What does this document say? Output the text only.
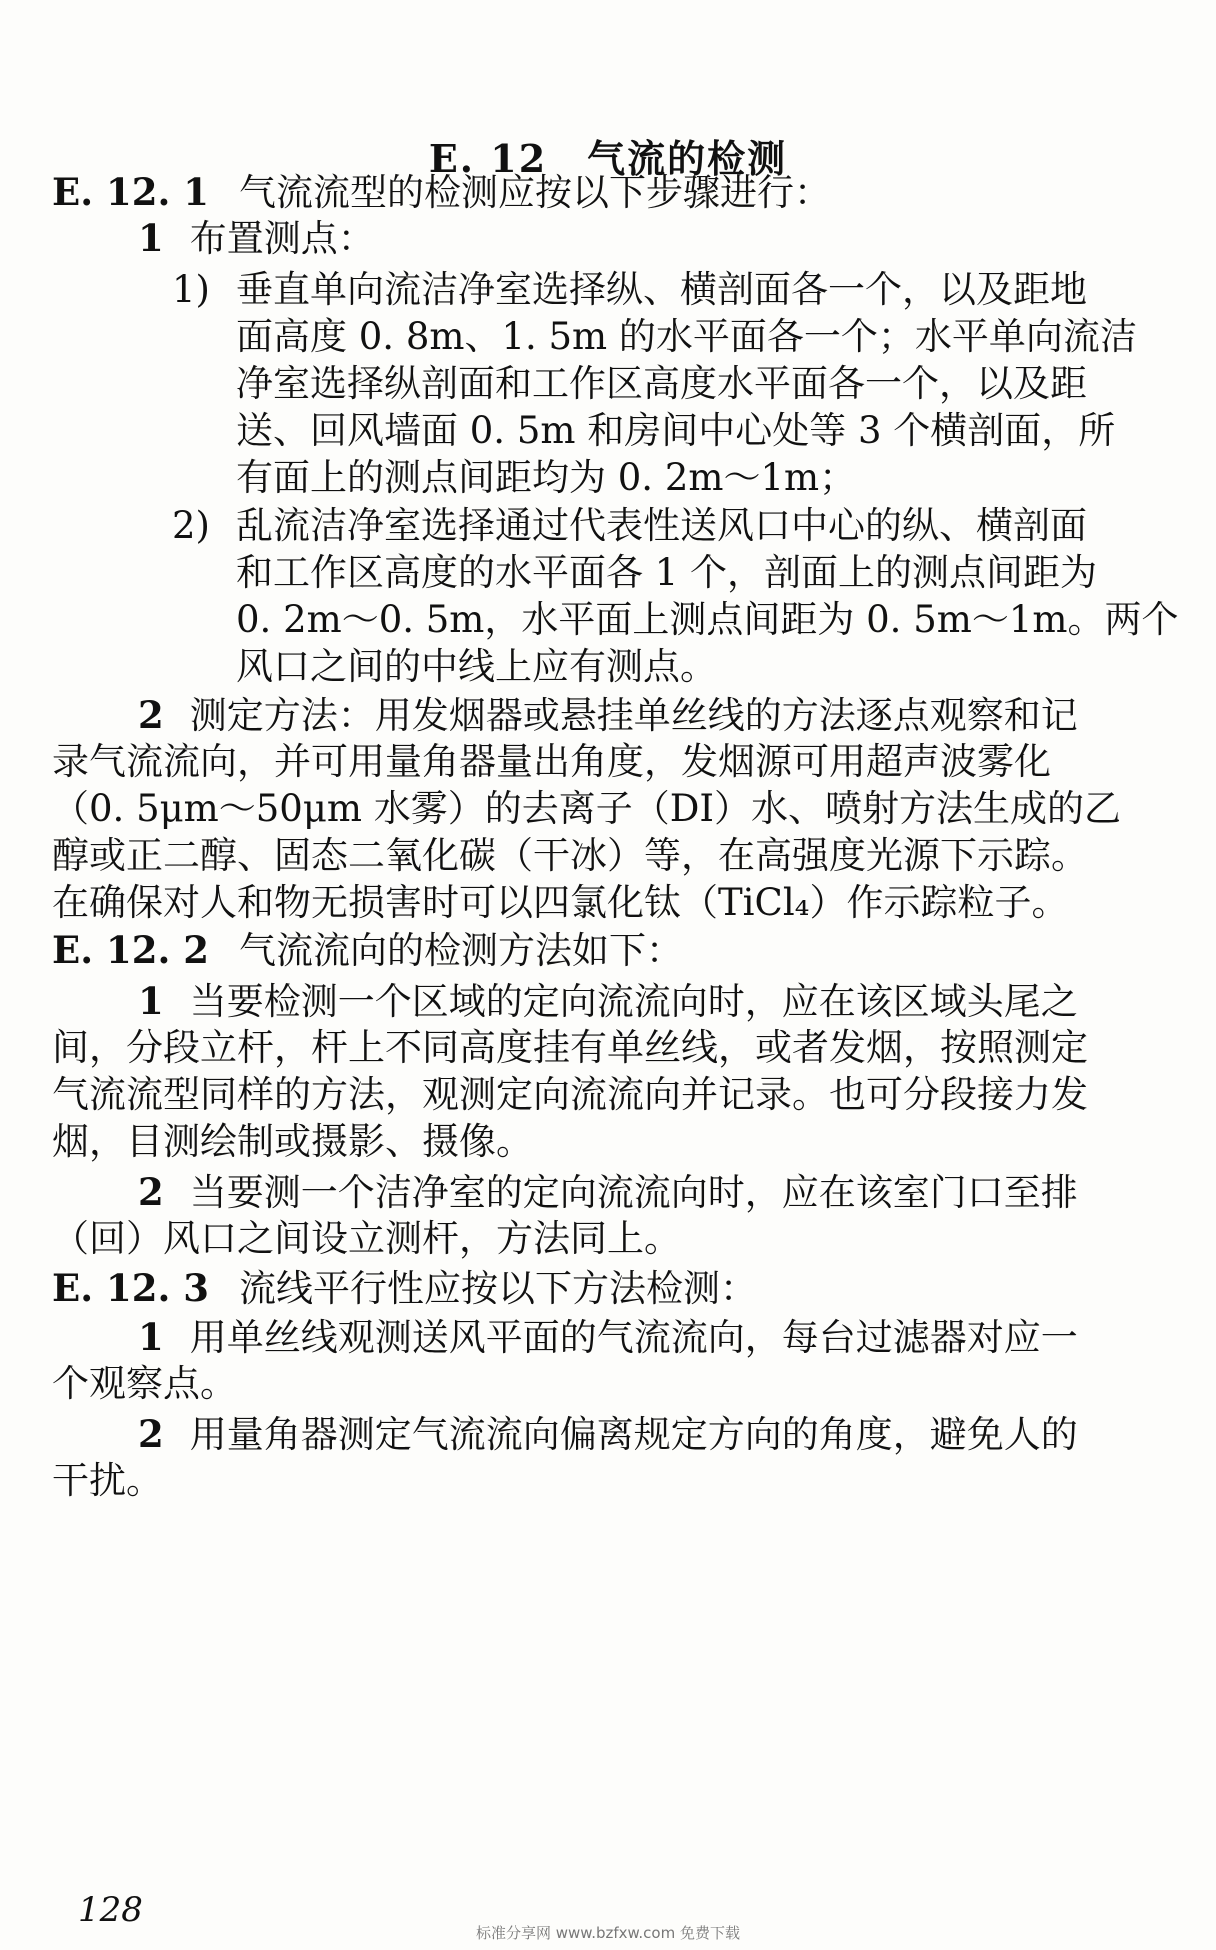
E. 12 气流的检测
E. 12. 1 气流流型的检测应按以下步骤进行：
1 布置测点：
1) 垂直单向流洁净室选择纵、横剖面各一个，以及距地
面高度 0. 8m、1. 5m 的水平面各一个；水平单向流洁
净室选择纵剖面和工作区高度水平面各一个，以及距
送、回风墙面 0. 5m 和房间中心处等 3 个横剖面，所
有面上的测点间距均为 0. 2m～1m；
2) 乱流洁净室选择通过代表性送风口中心的纵、横剖面
和工作区高度的水平面各 1 个，剖面上的测点间距为
0. 2m～0. 5m，水平面上测点间距为 0. 5m～1m。两个
风口之间的中线上应有测点。
2 测定方法：用发烟器或悬挂单丝线的方法逐点观察和记
录气流流向，并可用量角器量出角度，发烟源可用超声波雾化
（0. 5μm～50μm 水雾）的去离子（DI）水、喷射方法生成的乙
醇或正二醇、固态二氧化碳（干冰）等，在高强度光源下示踪。
在确保对人和物无损害时可以四氯化钛（TiCl₄）作示踪粒子。
E. 12. 2 气流流向的检测方法如下：
1 当要检测一个区域的定向流流向时，应在该区域头尾之
间，分段立杆，杆上不同高度挂有单丝线，或者发烟，按照测定
气流流型同样的方法，观测定向流流向并记录。也可分段接力发
烟，目测绘制或摄影、摄像。
2 当要测一个洁净室的定向流流向时，应在该室门口至排
（回）风口之间设立测杆，方法同上。
E. 12. 3 流线平行性应按以下方法检测：
1 用单丝线观测送风平面的气流流向，每台过滤器对应一
个观察点。
2 用量角器测定气流流向偏离规定方向的角度，避免人的
干扰。
128
标准分享网 www.bzfxw.com 免费下载
